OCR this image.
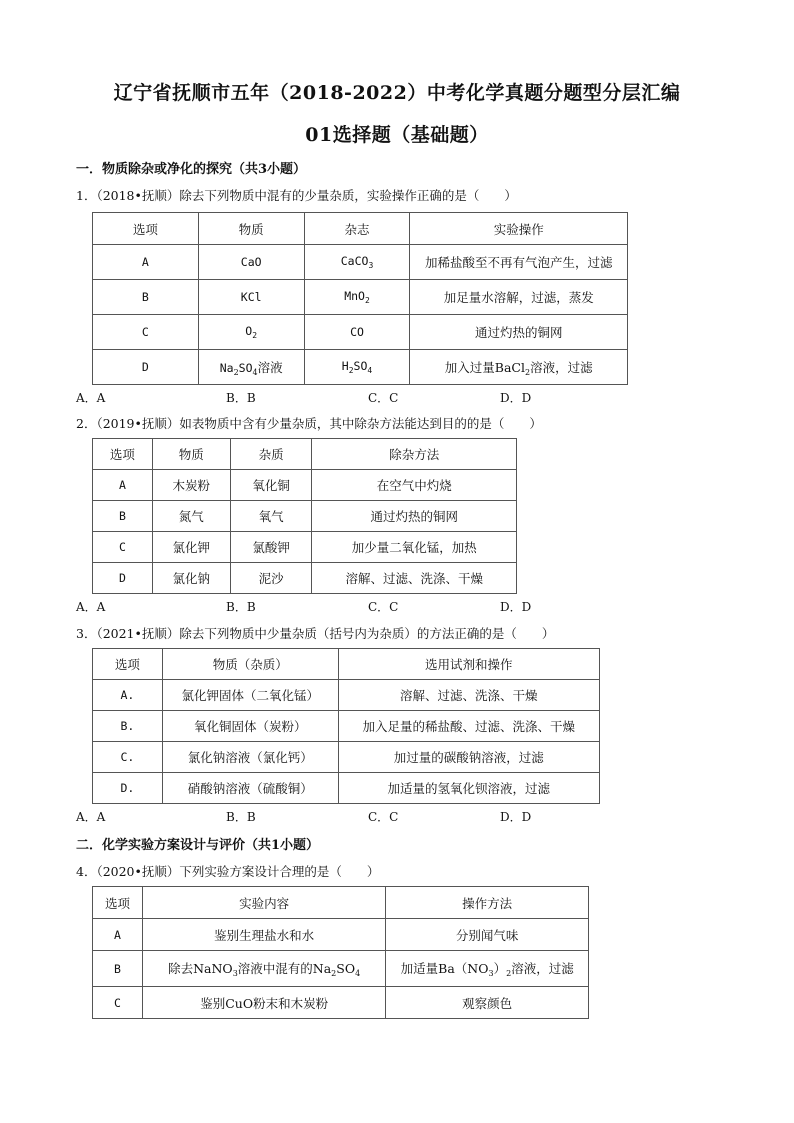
辽宁省抚顺市五年（2018-2022）中考化学真题分题型分层汇编
01选择题（基础题）
一．物质除杂或净化的探究（共3小题）
1．（2018•抚顺）除去下列物质中混有的少量杂质，实验操作正确的是（　　）
选项	物质	杂志	实验操作
A	CaO	CaCO$_3$	加稀盐酸至不再有气泡产生，过滤
B	KCl	MnO$_2$	加足量水溶解，过滤，蒸发
C	$O_2$	CO	通过灼热的铜网
D	$Na_2SO_4$溶液	$H_2SO_4$	加入过量BaCl$_2$溶液，过滤
A．A	B．B	C．C	D．D
2．（2019•抚顺）如表物质中含有少量杂质，其中除杂方法能达到目的的是（　　）
选项	物质	杂质	除杂方法
A	木炭粉	氧化铜	在空气中灼烧
B	氮气	氧气	通过灼热的铜网
C	氯化钾	氯酸钾	加少量二氧化锰，加热
D	氯化钠	泥沙	溶解、过滤、洗涤、干燥
A．A	B．B	C．C	D．D
3．（2021•抚顺）除去下列物质中少量杂质（括号内为杂质）的方法正确的是（　　）
选项	物质（杂质）	选用试剂和操作
A.	氯化钾固体（二氧化锰）	溶解、过滤、洗涤、干燥
B.	氧化铜固体（炭粉）	加入足量的稀盐酸、过滤、洗涤、干燥
C.	氯化钠溶液（氯化钙）	加过量的碳酸钠溶液，过滤
D.	硝酸钠溶液（硫酸铜）	加适量的氢氧化钡溶液，过滤
A．A	B．B	C．C	D．D
二．化学实验方案设计与评价（共1小题）
4．（2020•抚顺）下列实验方案设计合理的是（　　）
选项	实验内容	操作方法
A	鉴别生理盐水和水	分别闻气味
B	除去NaNO$_3$溶液中混有的$Na_2SO_4$	加适量$Ba(NO_3)_2$溶液，过滤
C	鉴别CuO粉末和木炭粉	观察颜色
